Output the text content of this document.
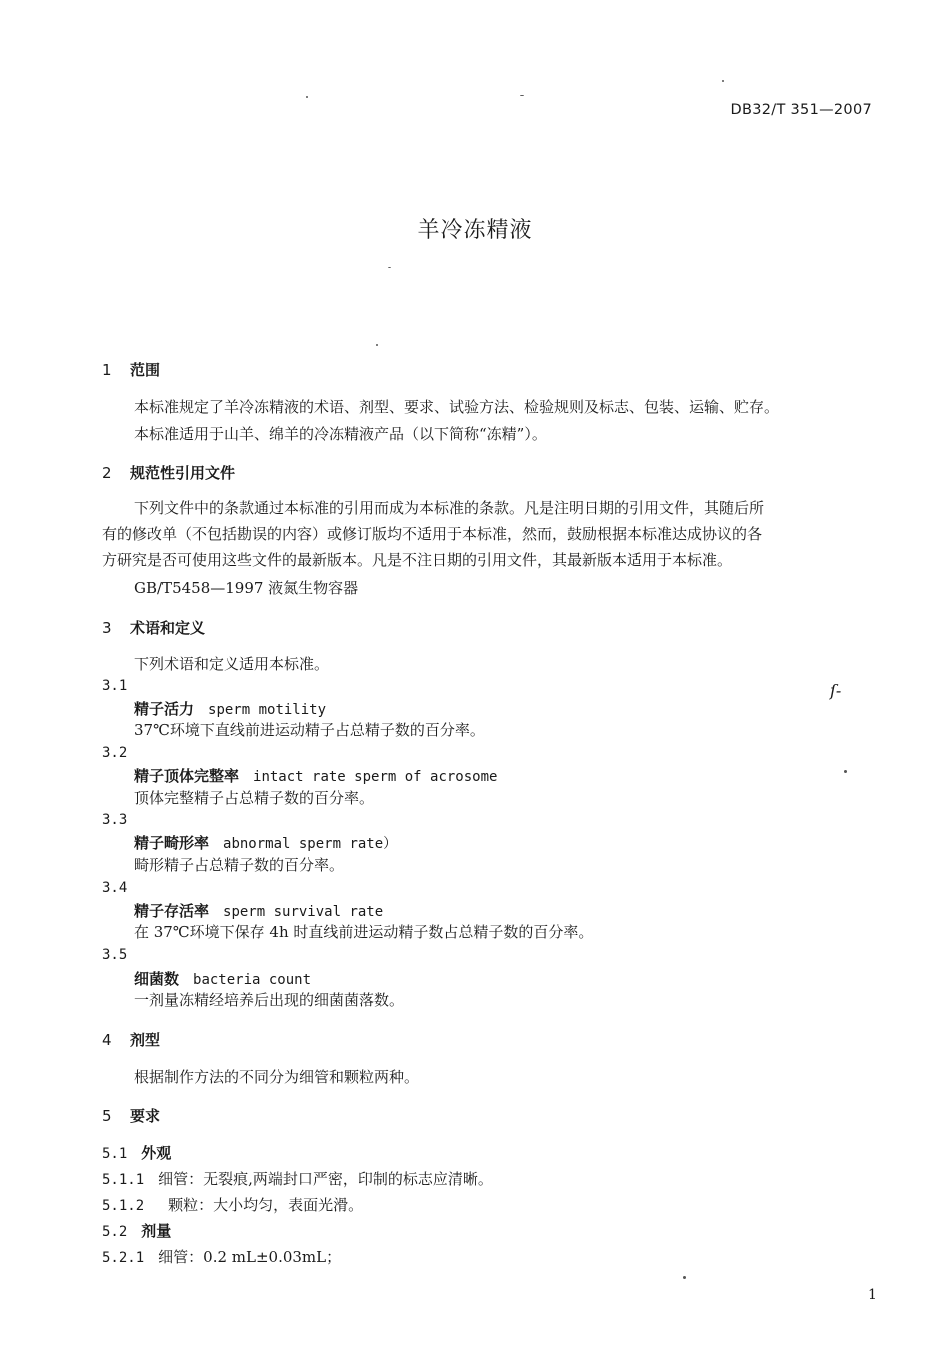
DB32/T 351—2007
羊冷冻精液
1 范围
本标准规定了羊冷冻精液的术语、剂型、要求、试验方法、检验规则及标志、包装、运输、贮存。
本标准适用于山羊、绵羊的冷冻精液产品（以下简称“冻精”）。
2 规范性引用文件
下列文件中的条款通过本标准的引用而成为本标准的条款。凡是注明日期的引用文件，其随后所
有的修改单（不包括勘误的内容）或修订版均不适用于本标准，然而，鼓励根据本标准达成协议的各
方研究是否可使用这些文件的最新版本。凡是不注日期的引用文件，其最新版本适用于本标准。
GB/T5458—1997 液氮生物容器
3 术语和定义
下列术语和定义适用本标准。
3.1
精子活力 sperm motility
37℃环境下直线前进运动精子占总精子数的百分率。
3.2
精子顶体完整率 intact rate sperm of acrosome
顶体完整精子占总精子数的百分率。
3.3
精子畸形率 abnormal sperm rate）
畸形精子占总精子数的百分率。
3.4
精子存活率 sperm survival rate
在 37℃环境下保存 4h 时直线前进运动精子数占总精子数的百分率。
3.5
细菌数 bacteria count
一剂量冻精经培养后出现的细菌菌落数。
4 剂型
根据制作方法的不同分为细管和颗粒两种。
5 要求
5.1 外观
5.1.1 细管：无裂痕,两端封口严密，印制的标志应清晰。
5.1.2 颗粒：大小均匀，表面光滑。
5.2 剂量
5.2.1 细管：0.2 mL±0.03mL；
ſ-
1
